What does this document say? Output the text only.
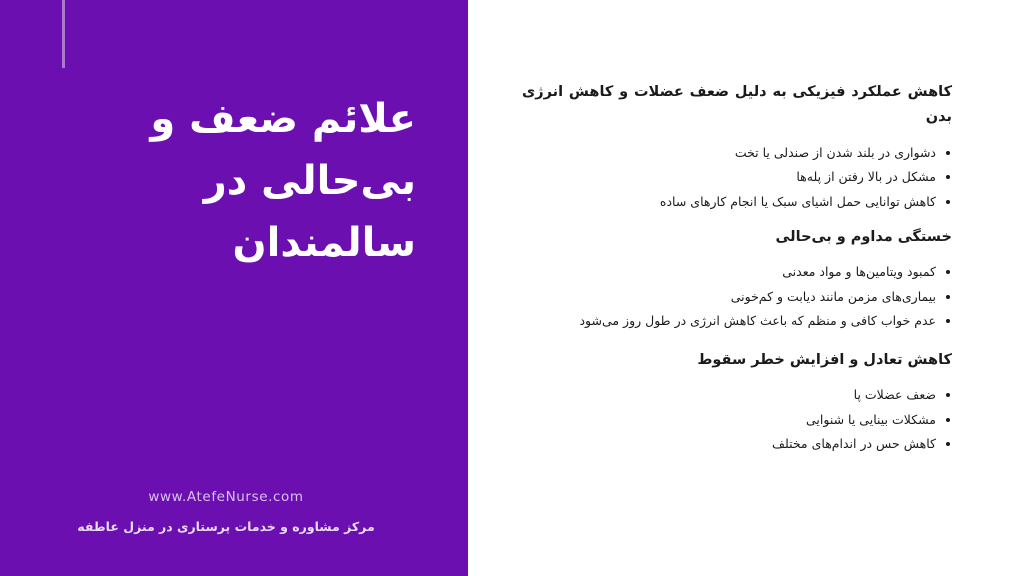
علائم ضعف و بی‌حالی در سالمندان
www.AtefeNurse.com
مرکز مشاوره و خدمات پرستاری در منزل عاطفه
کاهش عملکرد فیزیکی به دلیل ضعف عضلات و کاهش انرژی بدن
دشواری در بلند شدن از صندلی یا تخت
مشکل در بالا رفتن از پله‌ها
کاهش توانایی حمل اشیای سبک یا انجام کارهای ساده
خستگی مداوم و بی‌حالی
کمبود ویتامین‌ها و مواد معدنی
بیماری‌های مزمن مانند دیابت و کم‌خونی
عدم خواب کافی و منظم که باعث کاهش انرژی در طول روز می‌شود
کاهش تعادل و افزایش خطر سقوط
ضعف عضلات پا
مشکلات بینایی یا شنوایی
کاهش حس در اندام‌های مختلف
